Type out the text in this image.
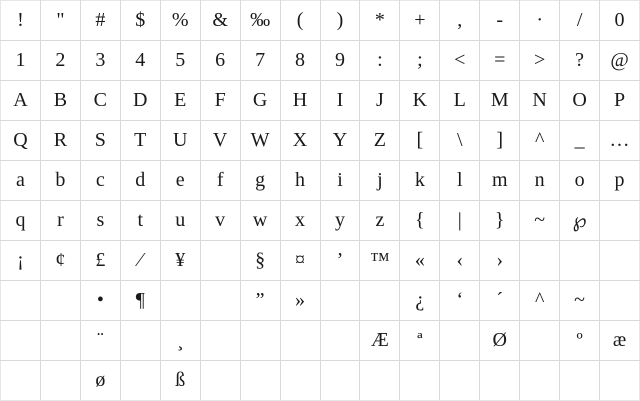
!	"	#	$	%	&	‰	(	)	*	+	,	-	·	/	0
1	2	3	4	5	6	7	8	9	:	;	<	=	>	?	@
A	B	C	D	E	F	G	H	I	J	K	L	M	N	O	P
Q	R	S	T	U	V	W	X	Y	Z	[	\	]	^	_	…
a	b	c	d	e	f	g	h	i	j	k	l	m	n	o	p
q	r	s	t	u	v	w	x	y	z	{	|	}	~	℘	
¡	¢	£	⁄	¥		§	¤	’	™	«	‹	›			
		•	¶			”	»			¿	‘	´	^	~	
		¨		¸					Æ	ª		Ø		º	æ
		ø		ß											
